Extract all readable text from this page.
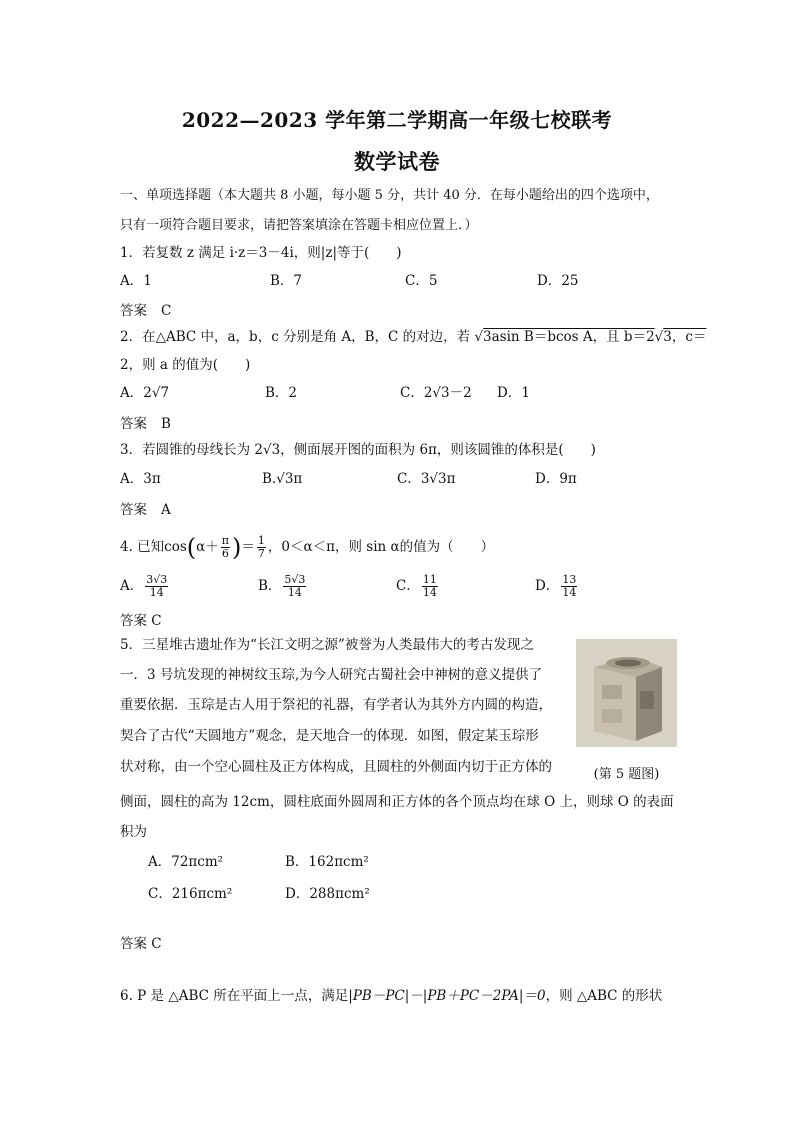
2022—2023 学年第二学期高一年级七校联考
数学试卷
一、单项选择题（本大题共 8 小题，每小题 5 分，共计 40 分．在每小题给出的四个选项中，
只有一项符合题目要求，请把答案填涂在答题卡相应位置上．）
1．若复数 z 满足 i·z＝3－4i，则|z|等于(　　)
A．1	B．7	C．5	D．25
答案 C
2．在△ABC 中，a，b，c 分别是角 A，B，C 的对边，若 √3asin B＝bcos A，且 b＝2√3，c＝
2，则 a 的值为(　　)
A．2√7	B．2	C．2√3－2 D．1
答案 B
3．若圆锥的母线长为 2√3，侧面展开图的面积为 6π，则该圆锥的体积是(　　)
A．3π	B.√3π	C．3√3π	D．9π
答案 A
4. 已知$\cos(\alpha+ \frac{\pi}{6}$ )＝ $\frac{1}{7}$ ，0＜α＜π，则 sin α的值为（　　）
A． $\frac{3√3}{14}$	B． $\frac{5√3}{14}$	C． $\frac{11}{14}$	D． $\frac{13}{14}$
答案 C
5．三星堆古遗址作为“长江文明之源”被誉为人类最伟大的考古发现之
一．3 号坑发现的神树纹玉琮,为今人研究古蜀社会中神树的意义提供了
重要依据．玉琮是古人用于祭祀的礼器，有学者认为其外方内圆的构造，
契合了古代“天圆地方”观念，是天地合一的体现．如图，假定某玉琮形
状对称，由一个空心圆柱及正方体构成，且圆柱的外侧面内切于正方体的
侧面，圆柱的高为 12cm，圆柱底面外圆周和正方体的各个顶点均在球 O 上，则球 O 的表面
积为
(第 5 题图)
A．72πcm²	B．162πcm²
C．216πcm²	D．288πcm²
答案 C
6. P 是 △ABC 所在平面上一点，满足|PB－PC|－|PB＋PC－2PA|＝0，则 △ABC 的形状
